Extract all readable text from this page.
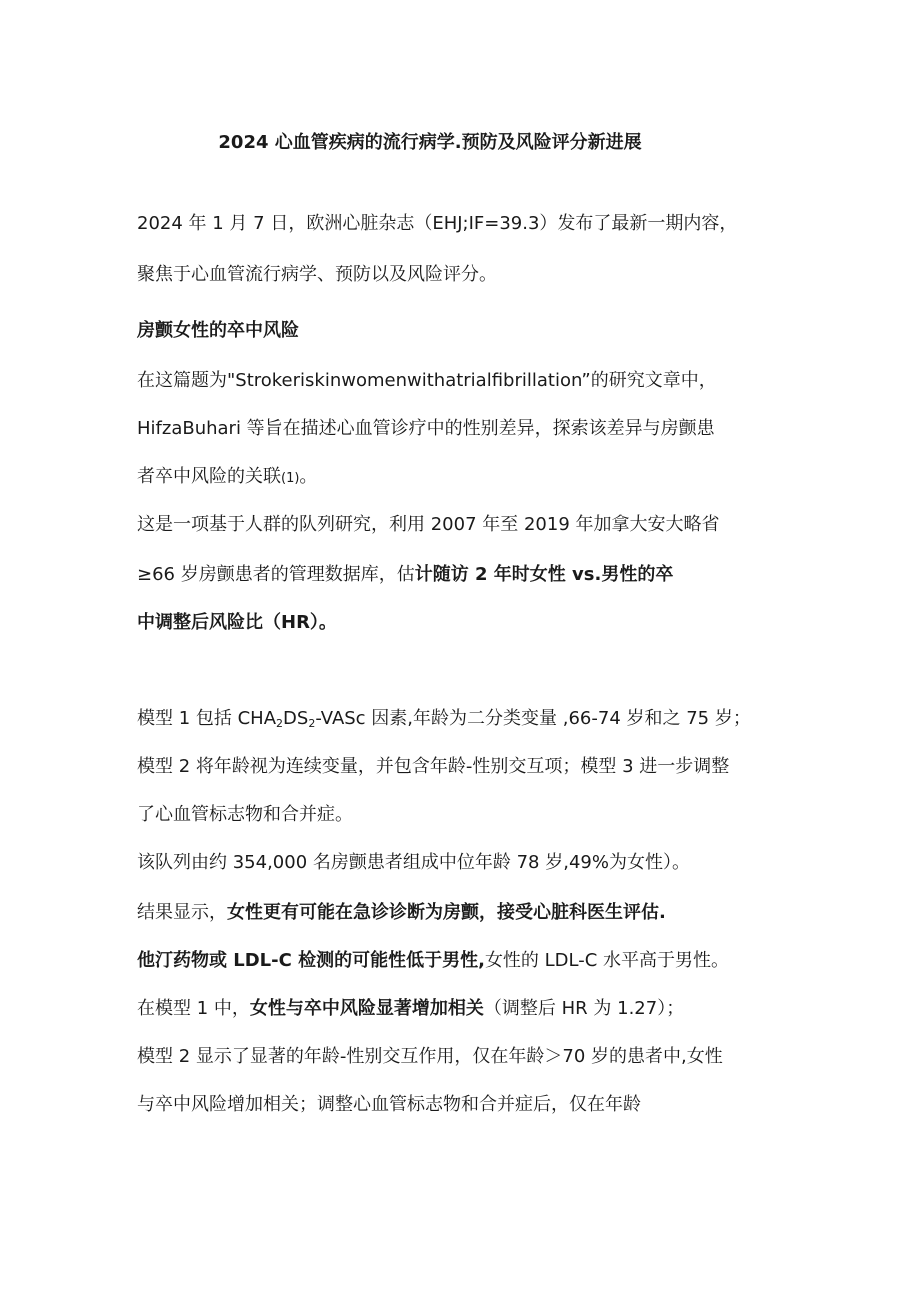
2024 心血管疾病的流行病学.预防及风险评分新进展

2024 年 1 月 7 日，欧洲心脏杂志（EHJ;IF=39.3）发布了最新一期内容，

聚焦于心血管流行病学、预防以及风险评分。

房颤女性的卒中风险

在这篇题为"Strokeriskinwomenwithatrialfibrillation”的研究文章中，

HifzaBuhari 等旨在描述心血管诊疗中的性别差异，探索该差异与房颤患

者卒中风险的关联(1)。

这是一项基于人群的队列研究，利用 2007 年至 2019 年加拿大安大略省

≥66 岁房颤患者的管理数据库，估计随访 2 年时女性 vs.男性的卒

中调整后风险比（HR）。

模型 1 包括 $CHA_2DS_2$-VASc 因素,年龄为二分类变量 ,66-74 岁和之 75 岁；

模型 2 将年龄视为连续变量，并包含年龄-性别交互项；模型 3 进一步调整

了心血管标志物和合并症。

该队列由约 354,000 名房颤患者组成中位年龄 78 岁,49%为女性）。

结果显示，女性更有可能在急诊诊断为房颤，接受心脏科医生评估.

他汀药物或 LDL-C 检测的可能性低于男性,女性的 LDL-C 水平高于男性。

在模型 1 中，女性与卒中风险显著增加相关（调整后 HR 为 1.27）；

模型 2 显示了显著的年龄-性别交互作用，仅在年龄＞70 岁的患者中,女性

与卒中风险增加相关；调整心血管标志物和合并症后，仅在年龄
